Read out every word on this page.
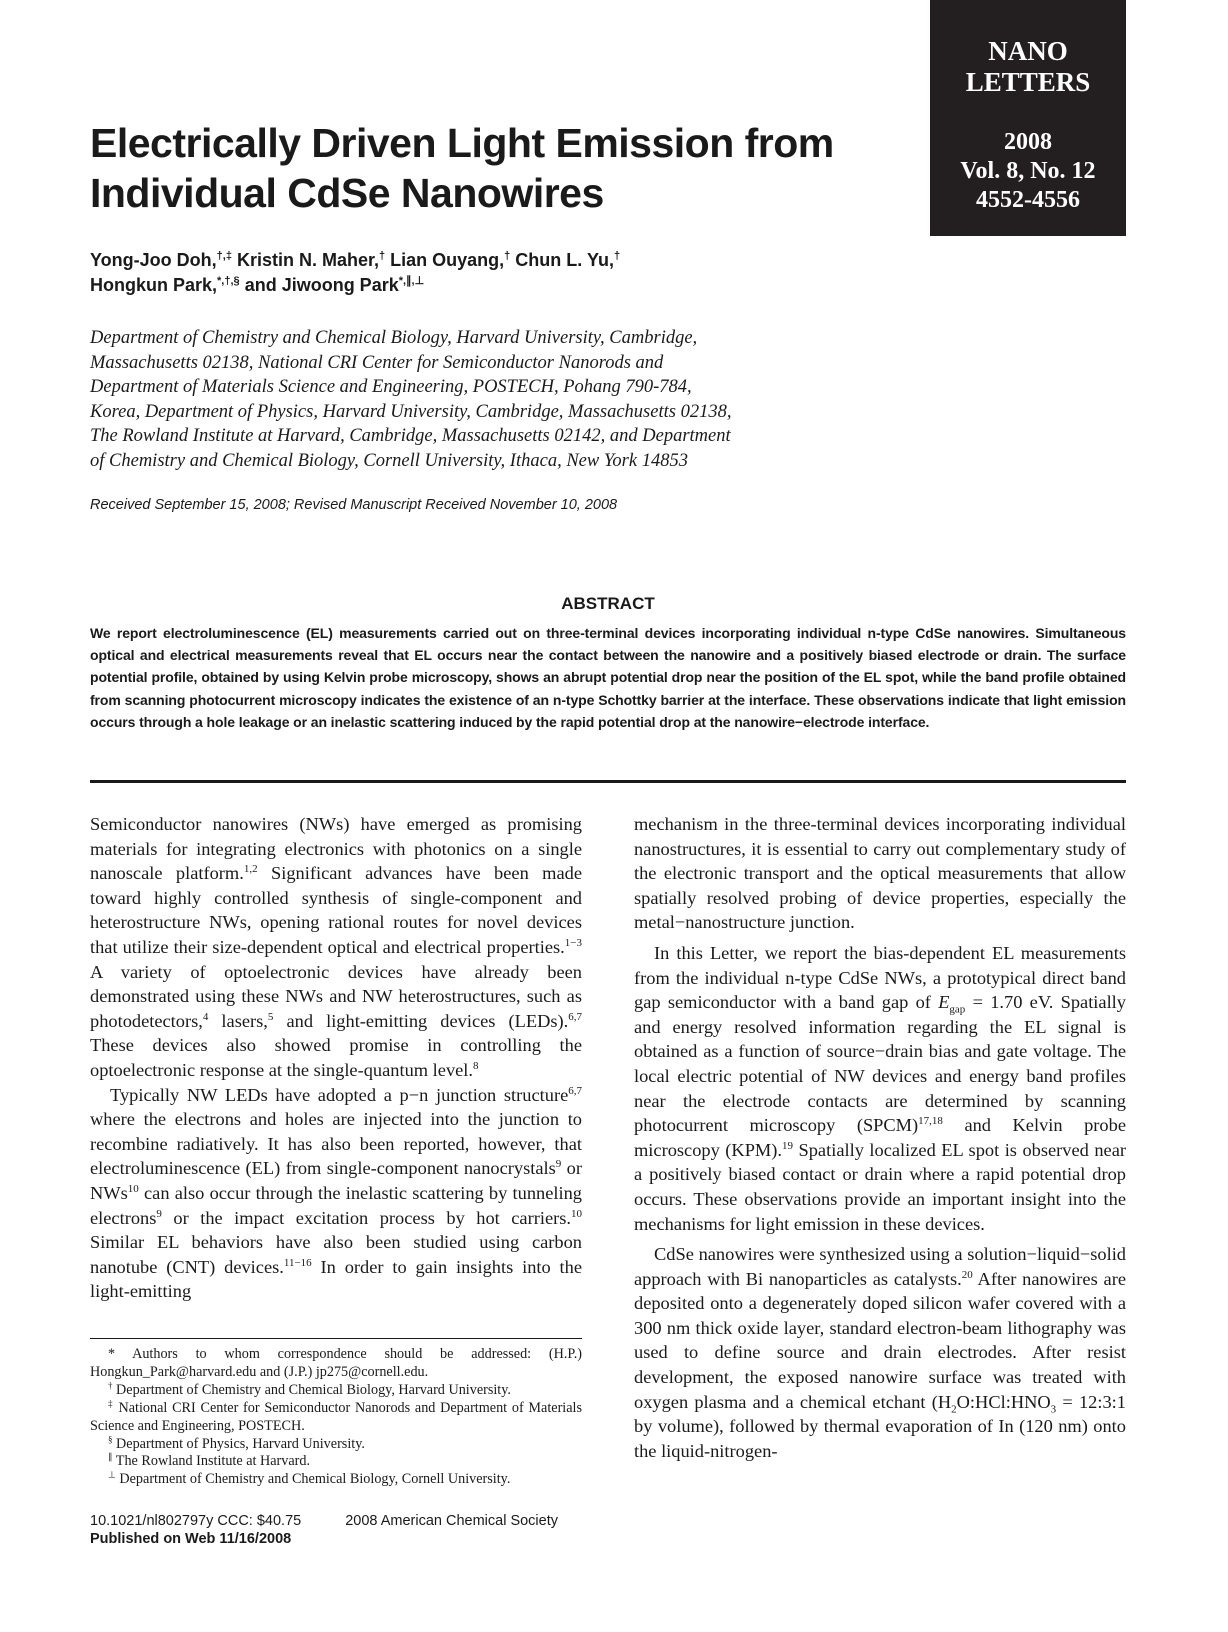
NANO
LETTERS
2008
Vol. 8, No. 12
4552-4556
Electrically Driven Light Emission from
Individual CdSe Nanowires
Yong-Joo Doh,†,‡ Kristin N. Maher,† Lian Ouyang,† Chun L. Yu,†
Hongkun Park,*,†,§ and Jiwoong Park*,∥,⊥
Department of Chemistry and Chemical Biology, Harvard University, Cambridge,
Massachusetts 02138, National CRI Center for Semiconductor Nanorods and
Department of Materials Science and Engineering, POSTECH, Pohang 790-784,
Korea, Department of Physics, Harvard University, Cambridge, Massachusetts 02138,
The Rowland Institute at Harvard, Cambridge, Massachusetts 02142, and Department
of Chemistry and Chemical Biology, Cornell University, Ithaca, New York 14853
Received September 15, 2008; Revised Manuscript Received November 10, 2008
ABSTRACT
We report electroluminescence (EL) measurements carried out on three-terminal devices incorporating individual n-type CdSe nanowires. Simultaneous optical and electrical measurements reveal that EL occurs near the contact between the nanowire and a positively biased electrode or drain. The surface potential profile, obtained by using Kelvin probe microscopy, shows an abrupt potential drop near the position of the EL spot, while the band profile obtained from scanning photocurrent microscopy indicates the existence of an n-type Schottky barrier at the interface. These observations indicate that light emission occurs through a hole leakage or an inelastic scattering induced by the rapid potential drop at the nanowire−electrode interface.

Semiconductor nanowires (NWs) have emerged as promising materials for integrating electronics with photonics on a single nanoscale platform.$^{1,2}$ Significant advances have been made toward highly controlled synthesis of single-component and heterostructure NWs, opening rational routes for novel devices that utilize their size-dependent optical and electrical properties.$^{1-3}$ A variety of optoelectronic devices have already been demonstrated using these NWs and NW heterostructures, such as photodetectors,$^4$ lasers,$^5$ and light-emitting devices (LEDs).$^{6,7}$ These devices also showed promise in controlling the optoelectronic response at the single-quantum level.$^8$

Typically NW LEDs have adopted a p−n junction structure$^{6,7}$ where the electrons and holes are injected into the junction to recombine radiatively. It has also been reported, however, that electroluminescence (EL) from single-component nanocrystals$^9$ or NWs$^{10}$ can also occur through the inelastic scattering by tunneling electrons$^9$ or the impact excitation process by hot carriers.$^{10}$ Similar EL behaviors have also been studied using carbon nanotube (CNT) devices.$^{11-16}$ In order to gain insights into the light-emitting

* Authors to whom correspondence should be addressed: (H.P.) Hongkun_Park@harvard.edu and (J.P.) jp275@cornell.edu.

† Department of Chemistry and Chemical Biology, Harvard University.

‡ National CRI Center for Semiconductor Nanorods and Department of Materials Science and Engineering, POSTECH.

§ Department of Physics, Harvard University.

∥ The Rowland Institute at Harvard.

⊥ Department of Chemistry and Chemical Biology, Cornell University.

mechanism in the three-terminal devices incorporating individual nanostructures, it is essential to carry out complementary study of the electronic transport and the optical measurements that allow spatially resolved probing of device properties, especially the metal−nanostructure junction.

In this Letter, we report the bias-dependent EL measurements from the individual n-type CdSe NWs, a prototypical direct band gap semiconductor with a band gap of $E_{gap} = 1.70$ eV. Spatially and energy resolved information regarding the EL signal is obtained as a function of source−drain bias and gate voltage. The local electric potential of NW devices and energy band profiles near the electrode contacts are determined by scanning photocurrent microscopy (SPCM)$^{17,18}$ and Kelvin probe microscopy (KPM).$^{19}$ Spatially localized EL spot is observed near a positively biased contact or drain where a rapid potential drop occurs. These observations provide an important insight into the mechanisms for light emission in these devices.

CdSe nanowires were synthesized using a solution−liquid−solid approach with Bi nanoparticles as catalysts.$^{20}$ After nanowires are deposited onto a degenerately doped silicon wafer covered with a 300 nm thick oxide layer, standard electron-beam lithography was used to define source and drain electrodes. After resist development, the exposed nanowire surface was treated with oxygen plasma and a chemical etchant ($H_2O:HCl:HNO_3$ = 12:3:1 by volume), followed by thermal evaporation of In (120 nm) onto the liquid-nitrogen-

10.1021/nl802797y CCC: $40.75	2008 American Chemical Society
Published on Web 11/16/2008
